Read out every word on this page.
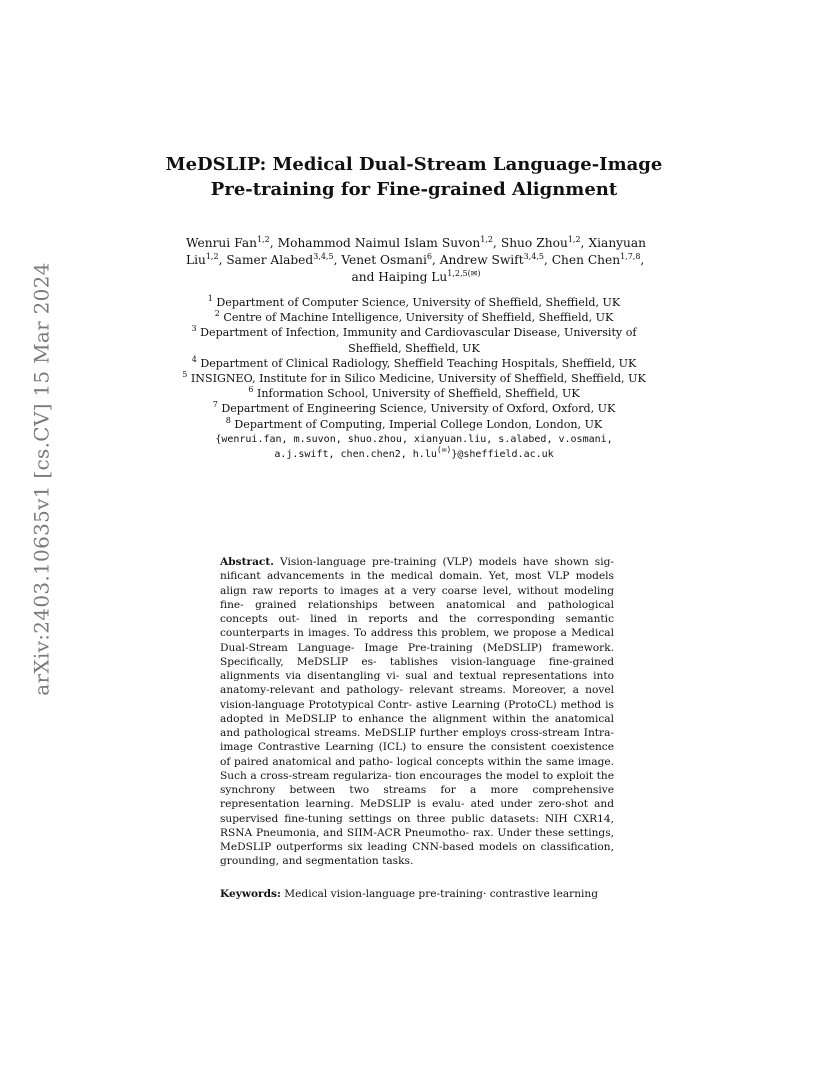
arXiv:2403.10635v1 [cs.CV] 15 Mar 2024
MeDSLIP: Medical Dual-Stream Language-Image
Pre-training for Fine-grained Alignment
Wenrui Fan$^{1,2}$, Mohammod Naimul Islam Suvon$^{1,2}$, Shuo Zhou$^{1,2}$, Xianyuan Liu$^{1,2}$, Samer Alabed$^{3,4,5}$, Venet Osmani$^6$, Andrew Swift$^{3,4,5}$, Chen Chen$^{1,7,8}$,
and Haiping $Lu^{1,2,5(✉)}$
$^1$ Department of Computer Science, University of Sheffield, Sheffield, UK
$^2$ Centre of Machine Intelligence, University of Sheffield, Sheffield, UK
$^3$ Department of Infection, Immunity and Cardiovascular Disease, University of
Sheffield, Sheffield, UK
$^4$ Department of Clinical Radiology, Sheffield Teaching Hospitals, Sheffield, UK
$^5$ INSIGNEO, Institute for in Silico Medicine, University of Sheffield, Sheffield, UK
$^6$ Information School, University of Sheffield, Sheffield, UK
$^7$ Department of Engineering Science, University of Oxford, Oxford, UK
$^8$ Department of Computing, Imperial College London, London, UK
{wenrui.fan, m.suvon, shuo.zhou, xianyuan.liu, s.alabed, v.osmani,
a.j.swift, chen.chen2, h.lu(✉)}@sheffield.ac.uk
Abstract. Vision-language pre-training (VLP) models have shown sig- nificant advancements in the medical domain. Yet, most VLP models align raw reports to images at a very coarse level, without modeling fine- grained relationships between anatomical and pathological concepts out- lined in reports and the corresponding semantic counterparts in images. To address this problem, we propose a Medical Dual-Stream Language- Image Pre-training (MeDSLIP) framework. Specifically, MeDSLIP es- tablishes vision-language fine-grained alignments via disentangling vi- sual and textual representations into anatomy-relevant and pathology- relevant streams. Moreover, a novel vision-language Prototypical Contr- astive Learning (ProtoCL) method is adopted in MeDSLIP to enhance the alignment within the anatomical and pathological streams. MeDSLIP further employs cross-stream Intra-image Contrastive Learning (ICL) to ensure the consistent coexistence of paired anatomical and patho- logical concepts within the same image. Such a cross-stream regulariza- tion encourages the model to exploit the synchrony between two streams for a more comprehensive representation learning. MeDSLIP is evalu- ated under zero-shot and supervised fine-tuning settings on three public datasets: NIH CXR14, RSNA Pneumonia, and SIIM-ACR Pneumotho- rax. Under these settings, MeDSLIP outperforms six leading CNN-based models on classification, grounding, and segmentation tasks.
Keywords: Medical vision-language pre-training· contrastive learning
